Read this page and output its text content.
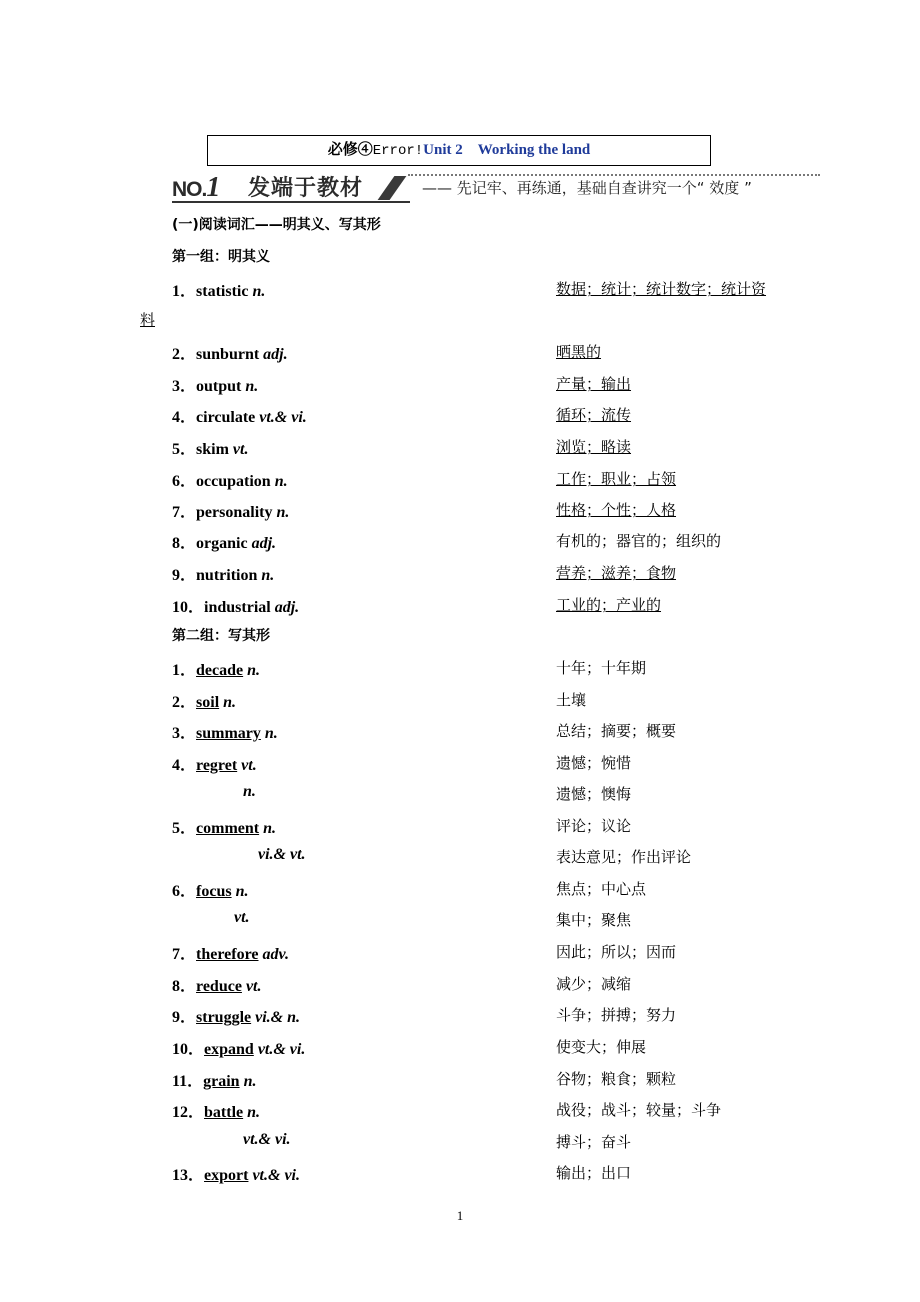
必修④Error!Unit 2 Working the land
NO.1 发端于教材	—— 先记牢、再练通，基础自查讲究一个“ 效度 ”
(一)阅读词汇——明其义、写其形
第一组：明其义
1．statistic n.	数据；统计；统计数字；统计资
料
2．sunburnt adj.	晒黑的
3．output n.	产量；输出
4．circulate vt.& vi.	循环；流传
5．skim vt.	浏览；略读
6．occupation n.	工作；职业；占领
7．personality n.	性格；个性；人格
8．organic adj.	有机的；器官的；组织的
9．nutrition n.	营养；滋养；食物
10．industrial adj.	工业的；产业的
第二组：写其形
1．decade n.	十年；十年期
2．soil n.	土壤
3．summary n.	总结；摘要；概要
4．regret vt.	遗憾；惋惜
n.	遗憾；懊悔
5．comment n.	评论；议论
vi.& vt.	表达意见；作出评论
6．focus n.	焦点；中心点
vt.	集中；聚焦
7．therefore adv.	因此；所以；因而
8．reduce vt.	减少；减缩
9．struggle vi.& n.	斗争；拼搏；努力
10．expand vt.& vi.	使变大；伸展
11．grain n.	谷物；粮食；颗粒
12．battle n.	战役；战斗；较量；斗争
vt.& vi.	搏斗；奋斗
13．export vt.& vi.	输出；出口
1
